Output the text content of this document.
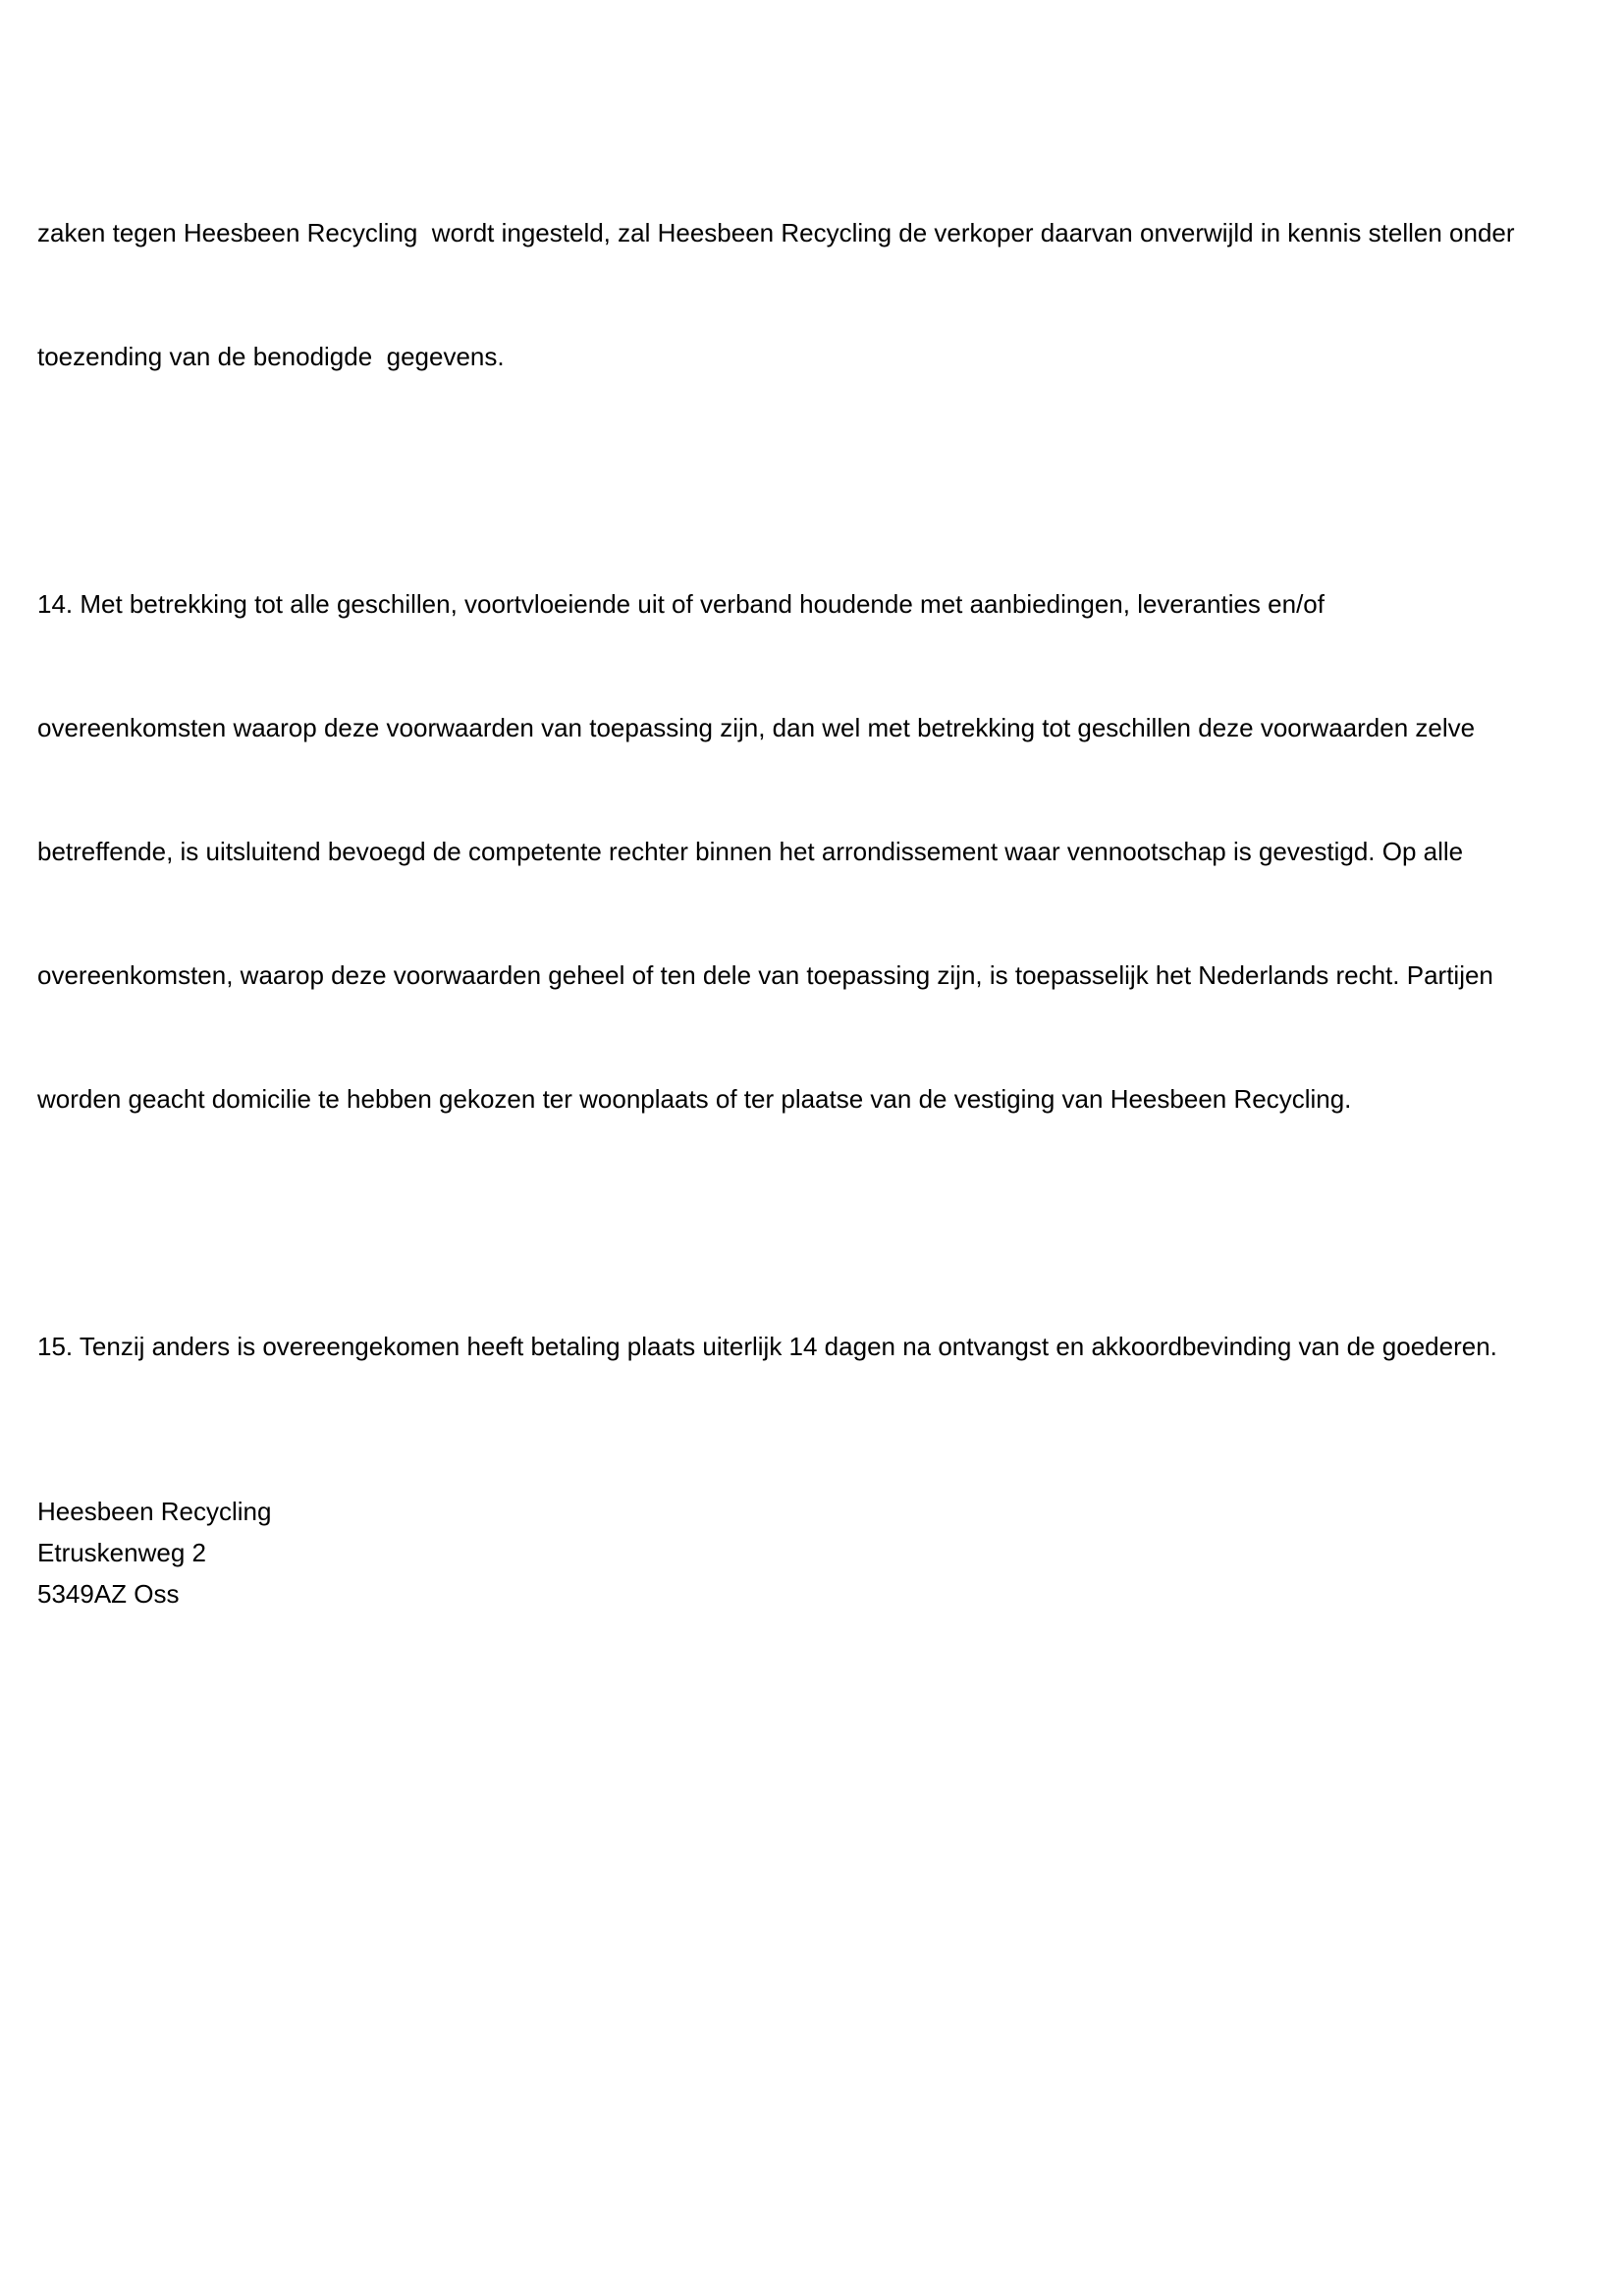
zaken tegen Heesbeen Recycling  wordt ingesteld, zal Heesbeen Recycling de verkoper daarvan onverwijld in kennis stellen onder

toezending van de benodigde  gegevens.

14. Met betrekking tot alle geschillen, voortvloeiende uit of verband houdende met aanbiedingen, leveranties en/of

overeenkomsten waarop deze voorwaarden van toepassing zijn, dan wel met betrekking tot geschillen deze voorwaarden zelve

betreffende, is uitsluitend bevoegd de competente rechter binnen het arrondissement waar vennootschap is gevestigd. Op alle

overeenkomsten, waarop deze voorwaarden geheel of ten dele van toepassing zijn, is toepasselijk het Nederlands recht. Partijen

worden geacht domicilie te hebben gekozen ter woonplaats of ter plaatse van de vestiging van Heesbeen Recycling.

15. Tenzij anders is overeengekomen heeft betaling plaats uiterlijk 14 dagen na ontvangst en akkoordbevinding van de goederen.

Heesbeen Recycling
Etruskenweg 2
5349AZ Oss
